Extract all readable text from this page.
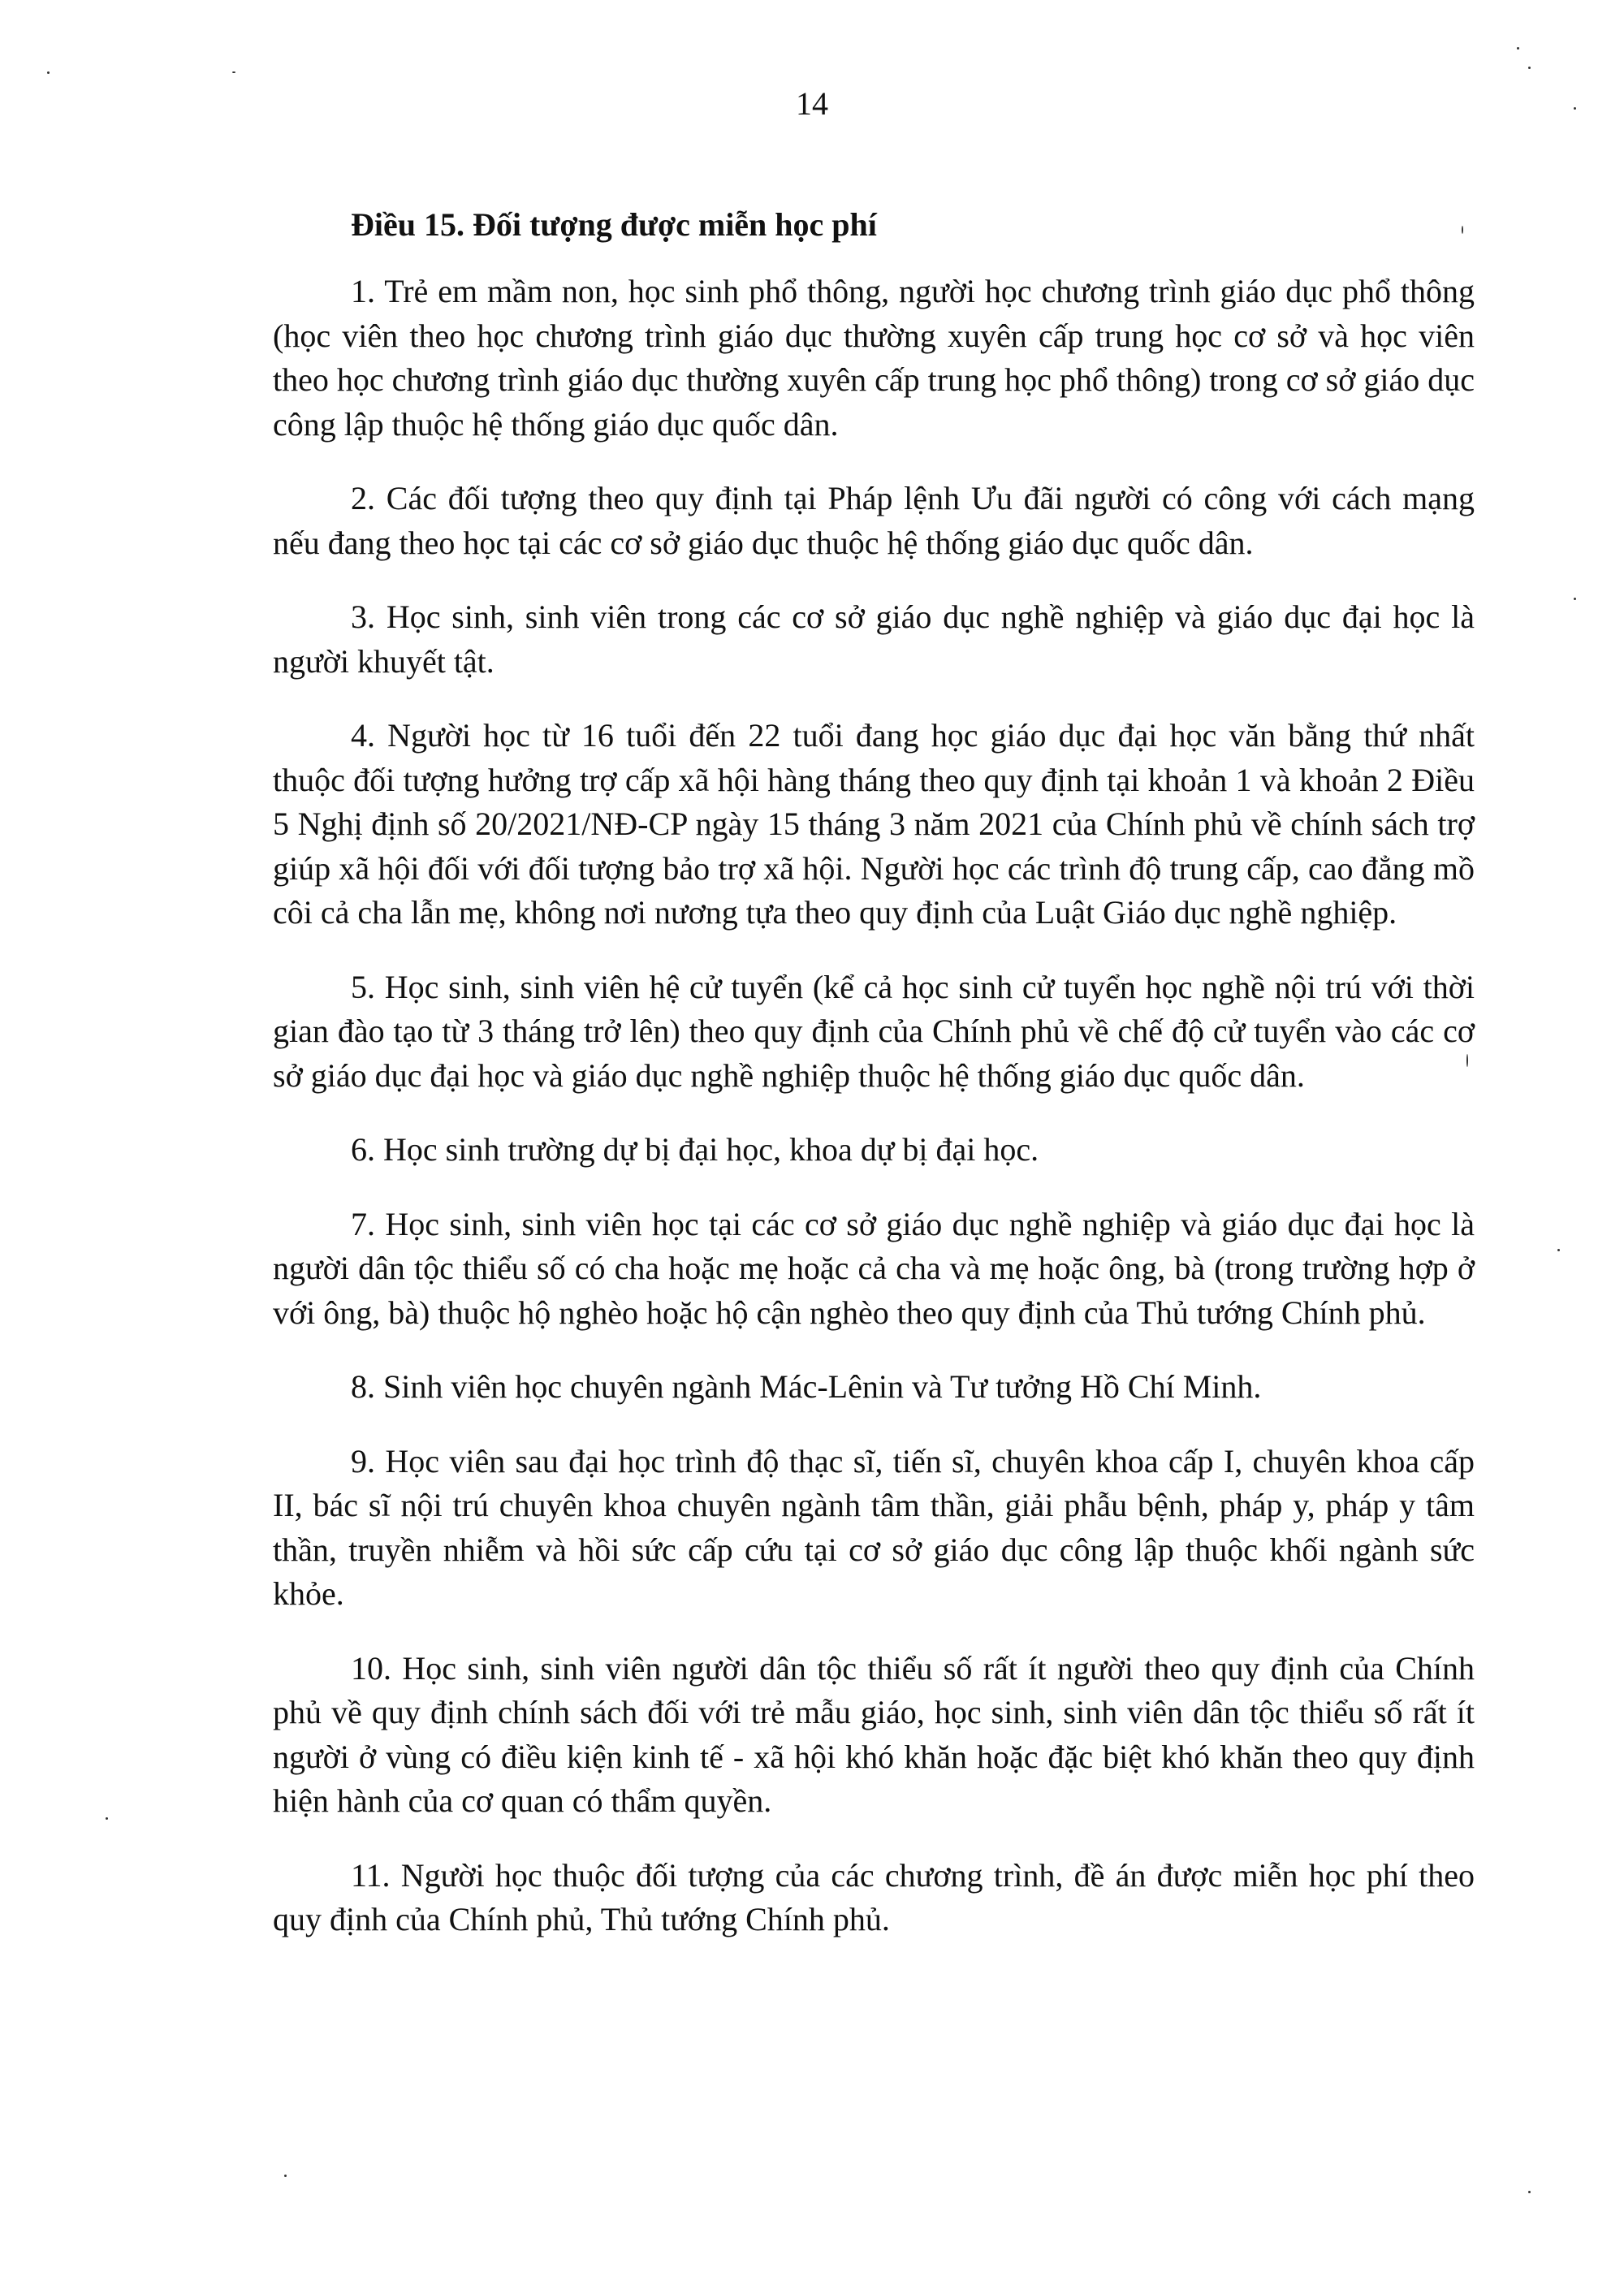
14
Điều 15. Đối tượng được miễn học phí

1. Trẻ em mầm non, học sinh phổ thông, người học chương trình giáo dục phổ thông (học viên theo học chương trình giáo dục thường xuyên cấp trung học cơ sở và học viên theo học chương trình giáo dục thường xuyên cấp trung học phổ thông) trong cơ sở giáo dục công lập thuộc hệ thống giáo dục quốc dân.

2. Các đối tượng theo quy định tại Pháp lệnh Ưu đãi người có công với cách mạng nếu đang theo học tại các cơ sở giáo dục thuộc hệ thống giáo dục quốc dân.

3. Học sinh, sinh viên trong các cơ sở giáo dục nghề nghiệp và giáo dục đại học là người khuyết tật.

4. Người học từ 16 tuổi đến 22 tuổi đang học giáo dục đại học văn bằng thứ nhất thuộc đối tượng hưởng trợ cấp xã hội hàng tháng theo quy định tại khoản 1 và khoản 2 Điều 5 Nghị định số 20/2021/NĐ-CP ngày 15 tháng 3 năm 2021 của Chính phủ về chính sách trợ giúp xã hội đối với đối tượng bảo trợ xã hội. Người học các trình độ trung cấp, cao đẳng mồ côi cả cha lẫn mẹ, không nơi nương tựa theo quy định của Luật Giáo dục nghề nghiệp.

5. Học sinh, sinh viên hệ cử tuyển (kể cả học sinh cử tuyển học nghề nội trú với thời gian đào tạo từ 3 tháng trở lên) theo quy định của Chính phủ về chế độ cử tuyển vào các cơ sở giáo dục đại học và giáo dục nghề nghiệp thuộc hệ thống giáo dục quốc dân.

6. Học sinh trường dự bị đại học, khoa dự bị đại học.

7. Học sinh, sinh viên học tại các cơ sở giáo dục nghề nghiệp và giáo dục đại học là người dân tộc thiểu số có cha hoặc mẹ hoặc cả cha và mẹ hoặc ông, bà (trong trường hợp ở với ông, bà) thuộc hộ nghèo hoặc hộ cận nghèo theo quy định của Thủ tướng Chính phủ.

8. Sinh viên học chuyên ngành Mác-Lênin và Tư tưởng Hồ Chí Minh.

9. Học viên sau đại học trình độ thạc sĩ, tiến sĩ, chuyên khoa cấp I, chuyên khoa cấp II, bác sĩ nội trú chuyên khoa chuyên ngành tâm thần, giải phẫu bệnh, pháp y, pháp y tâm thần, truyền nhiễm và hồi sức cấp cứu tại cơ sở giáo dục công lập thuộc khối ngành sức khỏe.

10. Học sinh, sinh viên người dân tộc thiểu số rất ít người theo quy định của Chính phủ về quy định chính sách đối với trẻ mẫu giáo, học sinh, sinh viên dân tộc thiểu số rất ít người ở vùng có điều kiện kinh tế - xã hội khó khăn hoặc đặc biệt khó khăn theo quy định hiện hành của cơ quan có thẩm quyền.

11. Người học thuộc đối tượng của các chương trình, đề án được miễn học phí theo quy định của Chính phủ, Thủ tướng Chính phủ.
